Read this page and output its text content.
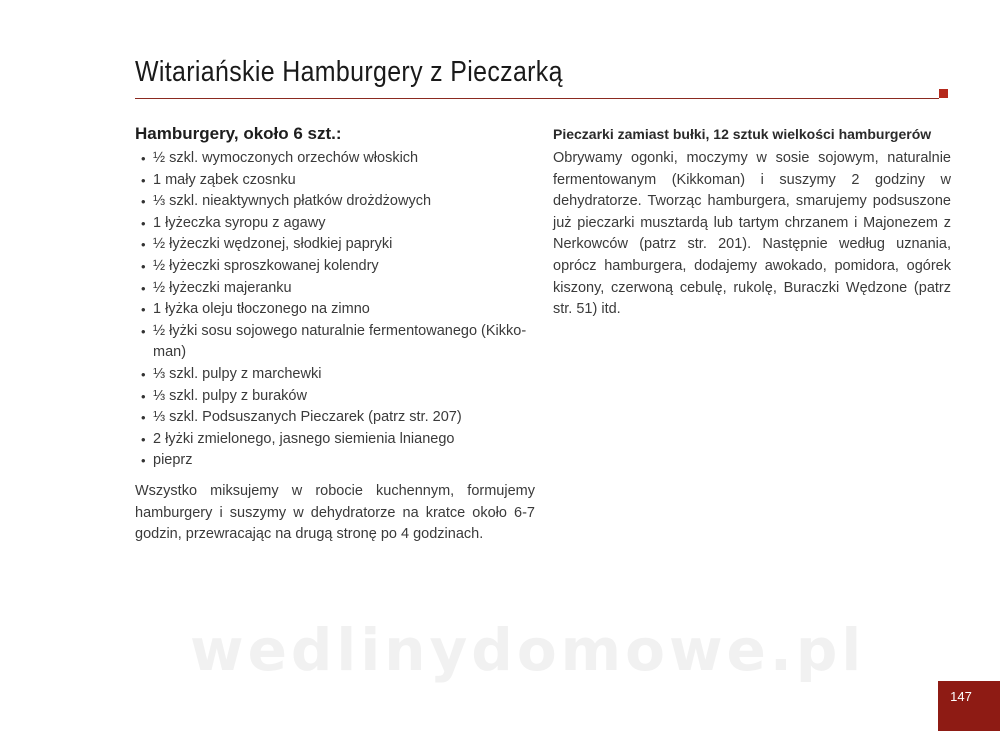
Witariańskie Hamburgery z Pieczarką
Hamburgery, około 6 szt.:
• ½ szkl. wymoczonych orzechów włoskich
• 1 mały ząbek czosnku
• ⅓ szkl. nieaktywnych płatków drożdżowych
• 1 łyżeczka syropu z agawy
• ½ łyżeczki wędzonej, słodkiej papryki
• ½ łyżeczki sproszkowanej kolendry
• ½ łyżeczki majeranku
• 1 łyżka oleju tłoczonego na zimno
• ½ łyżki sosu sojowego naturalnie fermentowanego (Kikko-man)
• ⅓ szkl. pulpy z marchewki
• ⅓ szkl. pulpy z buraków
• ⅓ szkl. Podsuszanych Pieczarek (patrz str. 207)
• 2 łyżki zmielonego, jasnego siemienia lnianego
• pieprz

Wszystko miksujemy w robocie kuchennym, formujemy hamburgery i suszymy w dehydratorze na kratce około 6-7 godzin, przewracając na drugą stronę po 4 godzinach.

Pieczarki zamiast bułki, 12 sztuk wielkości hamburgerów

Obrywamy ogonki, moczymy w sosie sojowym, naturalnie fermentowanym (Kikkoman) i suszymy 2 godziny w dehydratorze. Tworząc hamburgera, smarujemy podsuszone już pieczarki musztardą lub tartym chrzanem i Majonezem z Nerkowców (patrz str. 201). Następnie według uznania, oprócz hamburgera, dodajemy awokado, pomidora, ogórek kiszony, czerwoną cebulę, rukolę, Buraczki Wędzone (patrz str. 51) itd.

wedlinydomowe.pl
147
